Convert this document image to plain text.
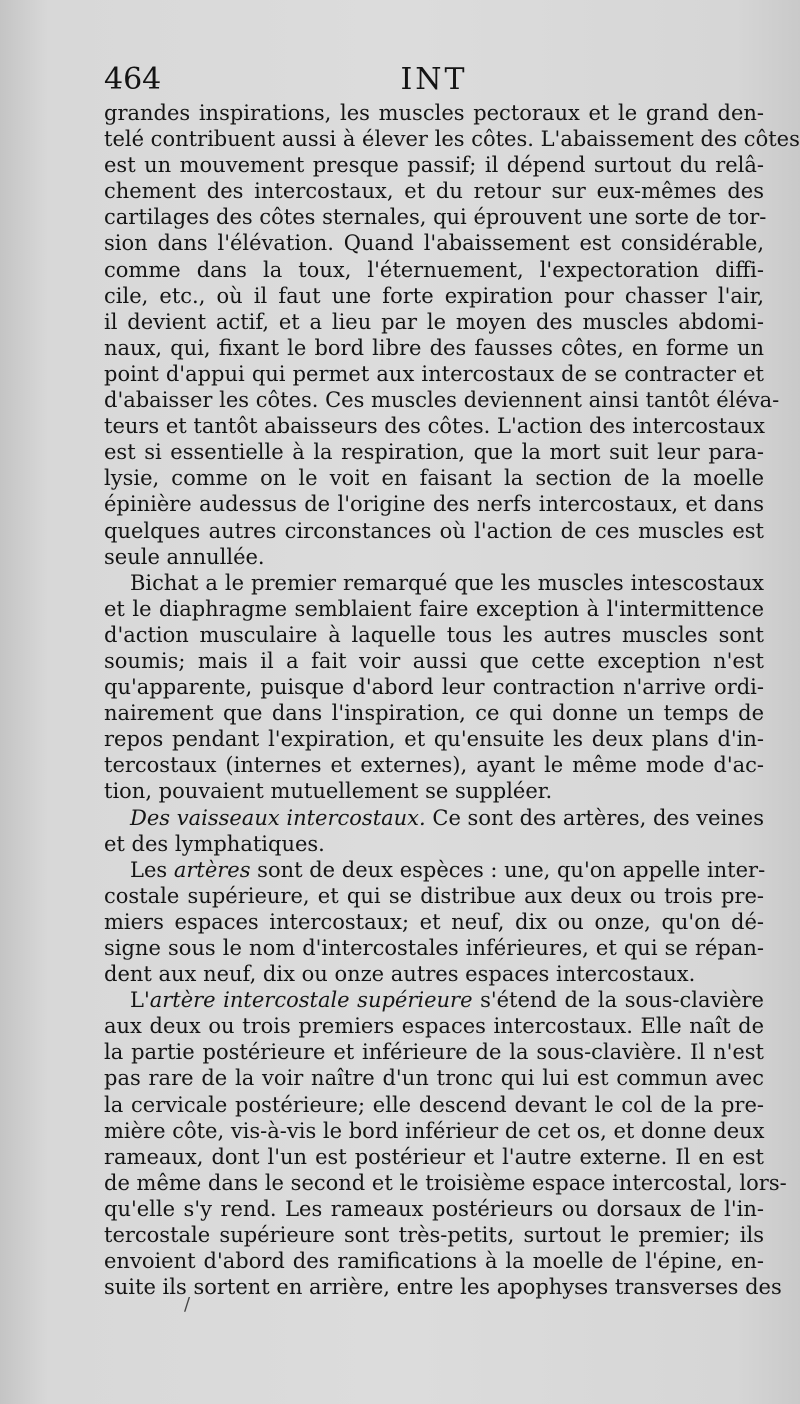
464	INT
grandes inspirations, les muscles pectoraux et le grand den-
telé contribuent aussi à élever les côtes. L'abaissement des côtes
est un mouvement presque passif; il dépend surtout du relâ-
chement des intercostaux, et du retour sur eux-mêmes des
cartilages des côtes sternales, qui éprouvent une sorte de tor-
sion dans l'élévation. Quand l'abaissement est considérable,
comme dans la toux, l'éternuement, l'expectoration diffi-
cile, etc., où il faut une forte expiration pour chasser l'air,
il devient actif, et a lieu par le moyen des muscles abdomi-
naux, qui, fixant le bord libre des fausses côtes, en forme un
point d'appui qui permet aux intercostaux de se contracter et
d'abaisser les côtes. Ces muscles deviennent ainsi tantôt éléva-
teurs et tantôt abaisseurs des côtes. L'action des intercostaux
est si essentielle à la respiration, que la mort suit leur para-
lysie, comme on le voit en faisant la section de la moelle
épinière audessus de l'origine des nerfs intercostaux, et dans
quelques autres circonstances où l'action de ces muscles est
seule annullée.
Bichat a le premier remarqué que les muscles intescostaux
et le diaphragme semblaient faire exception à l'intermittence
d'action musculaire à laquelle tous les autres muscles sont
soumis; mais il a fait voir aussi que cette exception n'est
qu'apparente, puisque d'abord leur contraction n'arrive ordi-
nairement que dans l'inspiration, ce qui donne un temps de
repos pendant l'expiration, et qu'ensuite les deux plans d'in-
tercostaux (internes et externes), ayant le même mode d'ac-
tion, pouvaient mutuellement se suppléer.
Des vaisseaux intercostaux. Ce sont des artères, des veines
et des lymphatiques.
Les artères sont de deux espèces : une, qu'on appelle inter-
costale supérieure, et qui se distribue aux deux ou trois pre-
miers espaces intercostaux; et neuf, dix ou onze, qu'on dé-
signe sous le nom d'intercostales inférieures, et qui se répan-
dent aux neuf, dix ou onze autres espaces intercostaux.
L'artère intercostale supérieure s'étend de la sous-clavière
aux deux ou trois premiers espaces intercostaux. Elle naît de
la partie postérieure et inférieure de la sous-clavière. Il n'est
pas rare de la voir naître d'un tronc qui lui est commun avec
la cervicale postérieure; elle descend devant le col de la pre-
mière côte, vis-à-vis le bord inférieur de cet os, et donne deux
rameaux, dont l'un est postérieur et l'autre externe. Il en est
de même dans le second et le troisième espace intercostal, lors-
qu'elle s'y rend. Les rameaux postérieurs ou dorsaux de l'in-
tercostale supérieure sont très-petits, surtout le premier; ils
envoient d'abord des ramifications à la moelle de l'épine, en-
suite ils sortent en arrière, entre les apophyses transverses des
/
